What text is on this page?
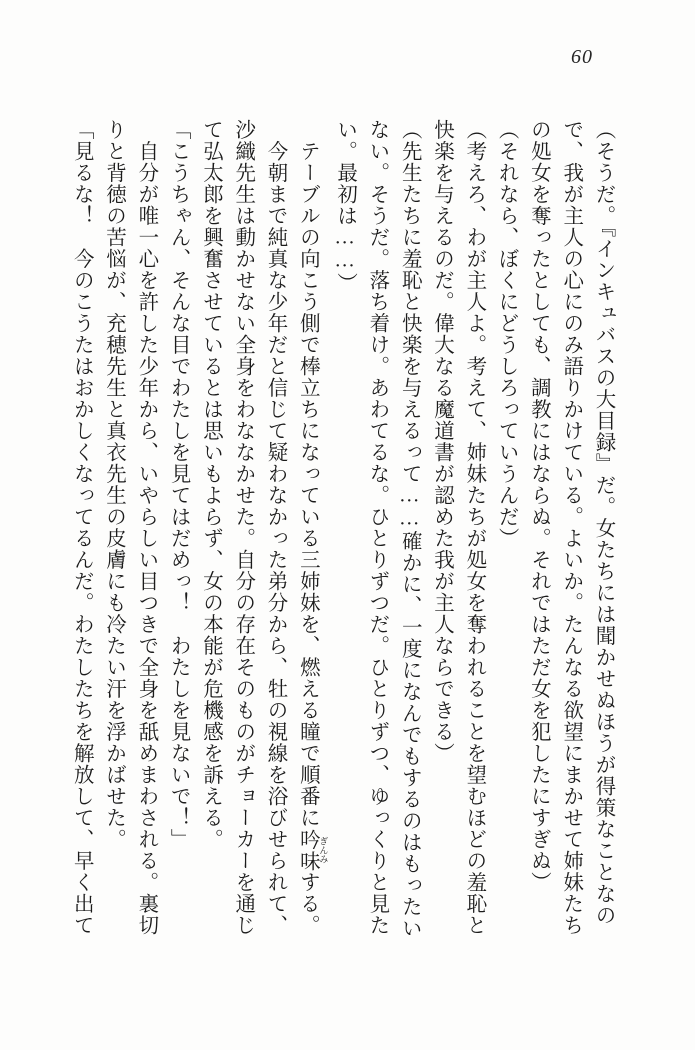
60

（そうだ。『インキュバスの大目録』だ。女たちには聞かせぬほうが得策なことなので、我が主人の心にのみ語りかけている。よいか。たんなる欲望にまかせて姉妹たちの処女を奪ったとしても、調教にはならぬ。それではただ女を犯したにすぎぬ）

（それなら、ぼくにどうしろっていうんだ）

（考えろ、わが主人よ。考えて、姉妹たちが処女を奪われることを望むほどの羞恥と快楽を与えるのだ。偉大なる魔道書が認めた我が主人ならできる）

（先生たちに羞恥と快楽を与えるって……確かに、一度になんでもするのはもったいない。そうだ。落ち着け。あわてるな。ひとりずつだ。ひとりずつ、ゆっくりと見たい。最初は……）

　テーブルの向こう側で棒立ちになっている三姉妹を、燃える瞳で順番に吟味 ぎんみする。

　今朝まで純真な少年だと信じて疑わなかった弟分から、牡の視線を浴びせられて、沙織先生は動かせない全身をわななかせた。自分の存在そのものがチョーカーを通じて弘太郎を興奮させているとは思いもよらず、女の本能が危機感を訴える。

「こうちゃん、そんな目でわたしを見てはだめっ！　わたしを見ないで！」

　自分が唯一心を許した少年から、いやらしい目つきで全身を舐めまわされる。裏切りと背徳の苦悩が、充穂先生と真衣先生の皮膚にも冷たい汗を浮かばせた。

「見るな！　今のこうたはおかしくなってるんだ。わたしたちを解放して、早く出て
